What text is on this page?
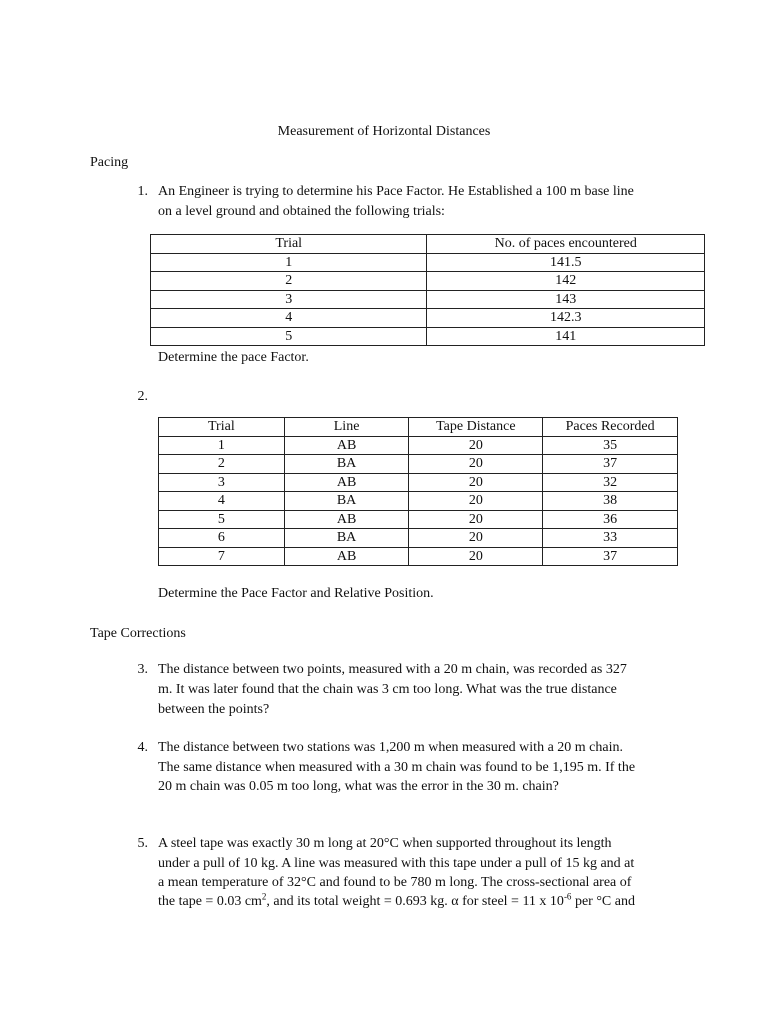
Measurement of Horizontal Distances
Pacing
1. An Engineer is trying to determine his Pace Factor. He Established a 100 m base line
on a level ground and obtained the following trials:
Trial	No. of paces encountered
1	141.5
2	142
3	143
4	142.3
5	141
Determine the pace Factor.
2.
Trial	Line	Tape Distance	Paces Recorded
1	AB	20	35
2	BA	20	37
3	AB	20	32
4	BA	20	38
5	AB	20	36
6	BA	20	33
7	AB	20	37
Determine the Pace Factor and Relative Position.
Tape Corrections
3. The distance between two points, measured with a 20 m chain, was recorded as 327
m. It was later found that the chain was 3 cm too long. What was the true distance
between the points?
4. The distance between two stations was 1,200 m when measured with a 20 m chain.
The same distance when measured with a 30 m chain was found to be 1,195 m. If the
20 m chain was 0.05 m too long, what was the error in the 30 m. chain?
5. A steel tape was exactly 30 m long at 20°C when supported throughout its length
under a pull of 10 kg. A line was measured with this tape under a pull of 15 kg and at
a mean temperature of 32°C and found to be 780 m long. The cross-sectional area of
the tape = 0.03 $cm^2$, and its total weight = 0.693 kg. α for steel = 11 x $10^{-6}$ per °C and
